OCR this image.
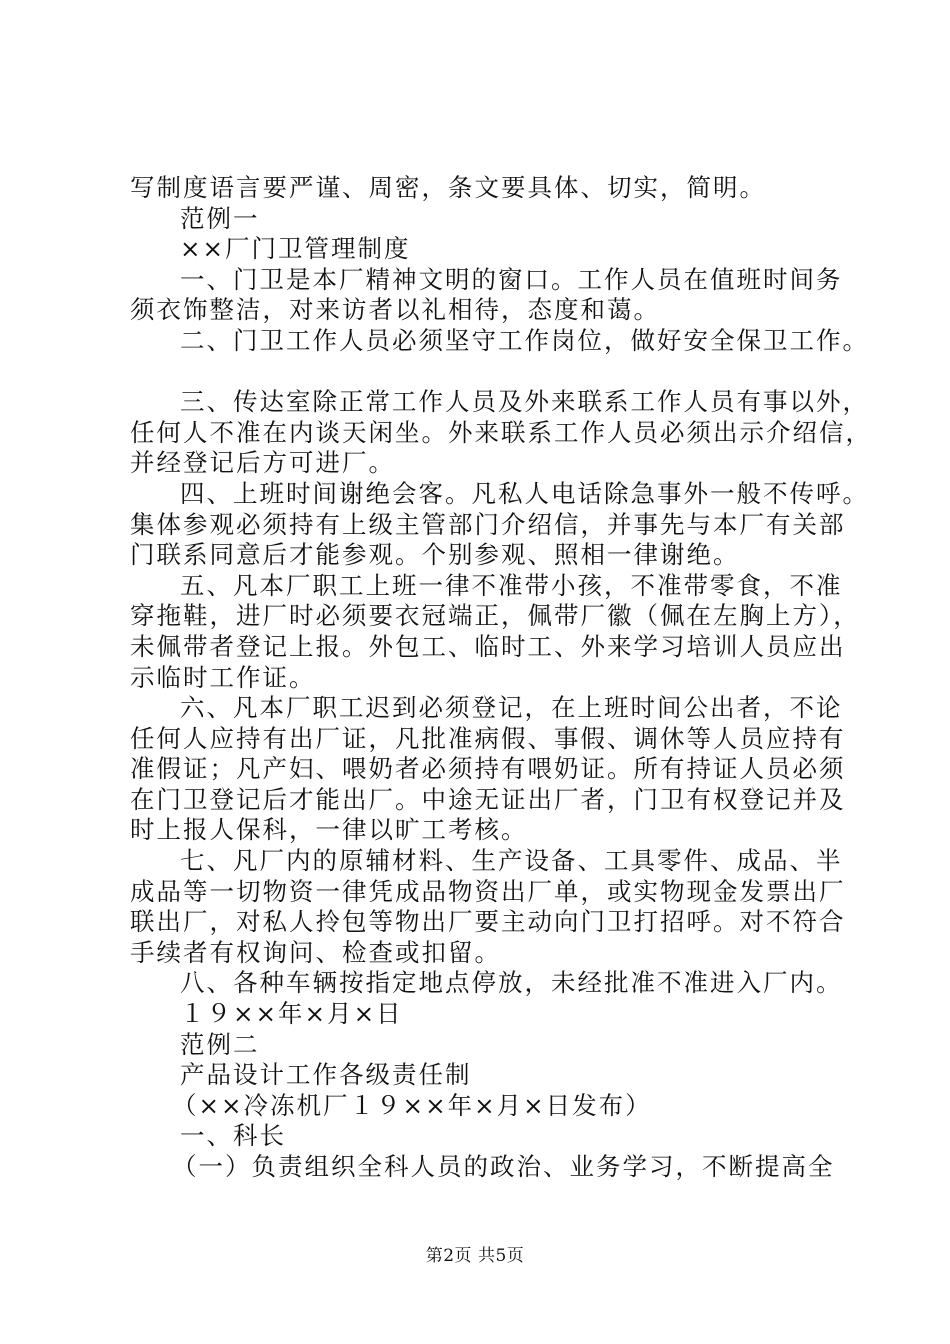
写制度语言要严谨、周密，条文要具体、切实，简明。
范例一
××厂门卫管理制度
一、门卫是本厂精神文明的窗口。工作人员在值班时间务
须衣饰整洁，对来访者以礼相待，态度和蔼。
二、门卫工作人员必须坚守工作岗位，做好安全保卫工作。
三、传达室除正常工作人员及外来联系工作人员有事以外，
任何人不准在内谈天闲坐。外来联系工作人员必须出示介绍信，
并经登记后方可进厂。
四、上班时间谢绝会客。凡私人电话除急事外一般不传呼。
集体参观必须持有上级主管部门介绍信，并事先与本厂有关部
门联系同意后才能参观。个别参观、照相一律谢绝。
五、凡本厂职工上班一律不准带小孩，不准带零食，不准
穿拖鞋，进厂时必须要衣冠端正，佩带厂徽（佩在左胸上方），
未佩带者登记上报。外包工、临时工、外来学习培训人员应出
示临时工作证。
六、凡本厂职工迟到必须登记，在上班时间公出者，不论
任何人应持有出厂证，凡批准病假、事假、调休等人员应持有
准假证；凡产妇、喂奶者必须持有喂奶证。所有持证人员必须
在门卫登记后才能出厂。中途无证出厂者，门卫有权登记并及
时上报人保科，一律以旷工考核。
七、凡厂内的原辅材料、生产设备、工具零件、成品、半
成品等一切物资一律凭成品物资出厂单，或实物现金发票出厂
联出厂，对私人拎包等物出厂要主动向门卫打招呼。对不符合
手续者有权询问、检查或扣留。
八、各种车辆按指定地点停放，未经批准不准进入厂内。
１９××年×月×日
范例二
产品设计工作各级责任制
（××冷冻机厂１９××年×月×日发布）
一、科长
（一）负责组织全科人员的政治、业务学习，不断提高全
第2页 共5页
